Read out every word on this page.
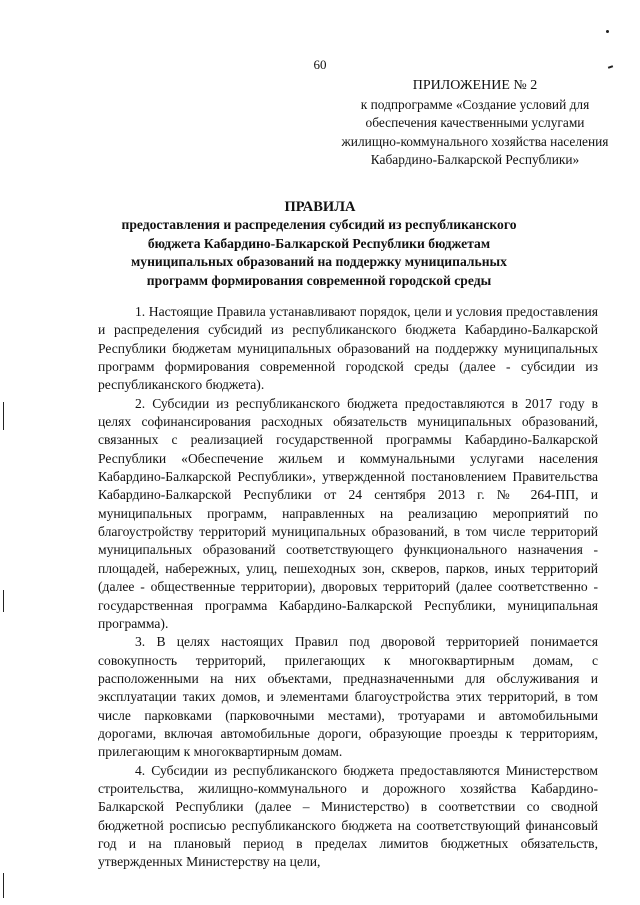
60
ПРИЛОЖЕНИЕ № 2
к подпрограмме «Создание условий для обеспечения качественными услугами жилищно-коммунального хозяйства населения Кабардино-Балкарской Республики»
ПРАВИЛА
предоставления и распределения субсидий из республиканского бюджета Кабардино-Балкарской Республики бюджетам муниципальных образований на поддержку муниципальных программ формирования современной городской среды

1. Настоящие Правила устанавливают порядок, цели и условия предоставления и распределения субсидий из республиканского бюджета Кабардино-Балкарской Республики бюджетам муниципальных образований на поддержку муниципальных программ формирования современной городской среды (далее - субсидии из республиканского бюджета).

2. Субсидии из республиканского бюджета предоставляются в 2017 году в целях софинансирования расходных обязательств муниципальных образований, связанных с реализацией государственной программы Кабардино-Балкарской Республики «Обеспечение жильем и коммунальными услугами населения Кабардино-Балкарской Республики», утвержденной постановлением Правительства Кабардино-Балкарской Республики от 24 сентября 2013 г. № 264-ПП, и муниципальных программ, направленных на реализацию мероприятий по благоустройству территорий муниципальных образований, в том числе территорий муниципальных образований соответствующего функционального назначения - площадей, набережных, улиц, пешеходных зон, скверов, парков, иных территорий (далее - общественные территории), дворовых территорий (далее соответственно - государственная программа Кабардино-Балкарской Республики, муниципальная программа).

3. В целях настоящих Правил под дворовой территорией понимается совокупность территорий, прилегающих к многоквартирным домам, с расположенными на них объектами, предназначенными для обслуживания и эксплуатации таких домов, и элементами благоустройства этих территорий, в том числе парковками (парковочными местами), тротуарами и автомобильными дорогами, включая автомобильные дороги, образующие проезды к территориям, прилегающим к многоквартирным домам.

4. Субсидии из республиканского бюджета предоставляются Министерством строительства, жилищно-коммунального и дорожного хозяйства Кабардино-Балкарской Республики (далее – Министерство) в соответствии со сводной бюджетной росписью республиканского бюджета на соответствующий финансовый год и на плановый период в пределах лимитов бюджетных обязательств, утвержденных Министерству на цели,
